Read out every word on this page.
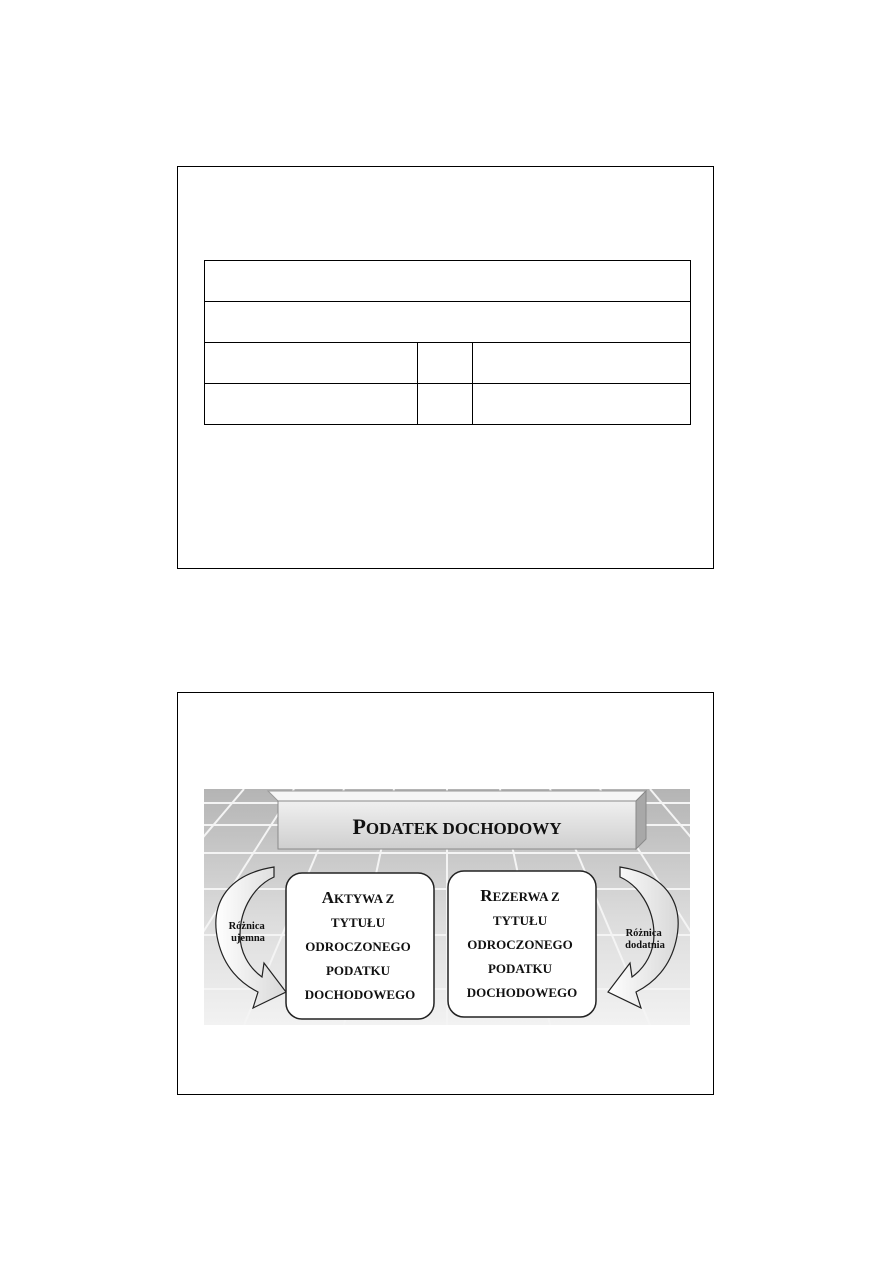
PODATEK DOCHODOWY
Różnica ujemna	Różnica dodatnia
AKTYWA Z TYTUŁU ODROCZONEGO PODATKU DOCHODOWEGO
REZERWA Z TYTUŁU ODROCZONEGO PODATKU DOCHODOWEGO
